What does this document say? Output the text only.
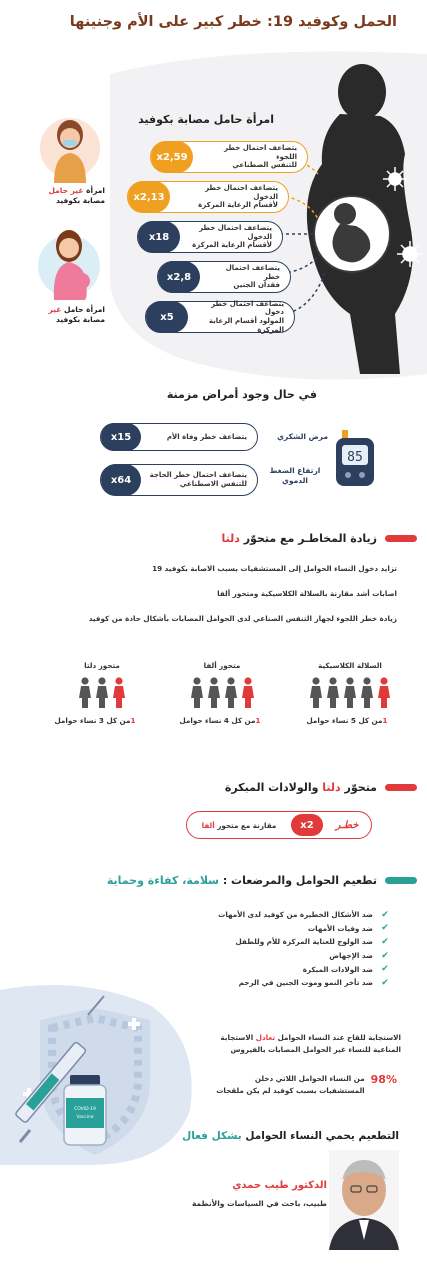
الحمل وكوفيد 19: خطر كبير على الأم وجنينها
امرأة حامل مصابة بكوفيد
يتضاعف احتمال خطر اللجوء
للتنفس الصطناعي
x2,59
يتضاعف احتمال خطر الدخول
لأقسام الرعاية المركزة
x2,13
يتضاعف احتمال خطر الدخول
لأقسام الرعاية المركزة
x18
يتضاعف احتمال خطر
فقدان الجنين
x2,8
يتضاعف احتمال خطر دخول
المولود أقسام الرعاية المركزة
x5
امرأة غير حامل
مصابة بكوفيد
امرأة حامل غير
مصابة بكوفيد
في حال وجود أمراض مزمنة
يتضاعف خطر وفاة الأم
x15	مرض الشكري
يتضاعف احتمال خطر الحاجة
للتنفس الاصطناعي
x64
ارتفاع الضغط
الدموي
85
زيادة المخاطـر مع متحوّر دلتا
تزايد دخول النساء الحوامل إلى المستشفيات بسبب الاصابة بكوفيد 19
اصابات أشد مقارنة بالسلالة الكلاسيكية ومتحور ألفا
زيادة خطر اللجوء لجهاز التنفس الصناعي لدى الحوامل المصابات بأشكال حادة من كوفيد
السلالة الكلاسيكية
متحور ألفا
متحور دلتا
1من كل 5 نساء حوامل
1من كل 4 نساء حوامل
1من كل 3 نساء حوامل
متحوّر دلتا والولادات المبكرة
خطـر
x2
مقارنة مع متحور ألفا
تطعيم الحوامل والمرضعات : سلامة، كفاءة وحماية
✔
ضد الأشكال الخطيرة من كوفيد لدى الأمهات
✔
ضد وفيات الأمهات
✔
ضد الولوج للعناية المركزة للأم وللطفل
✔
ضد الإجهاض
✔
ضد الولادات المبكرة
✔
ضد تأخر النمو وموت الجنين في الرحم
COVID-19
Vaccine
الاستجابة للقاح عند النساء الحوامل تعادل الاستجابة
المناعية للنساء غير الحوامل المصابات بالفيروس
98%
من النساء الحوامل اللاتي دخلن
المستشفيات بسبب كوفيد لم يكن ملقحات
التطعيم يحمي النساء الحوامل بشكل فعال
الدكتور طيب حمدي
طبيب، باحث في السياسات والأنظمة
